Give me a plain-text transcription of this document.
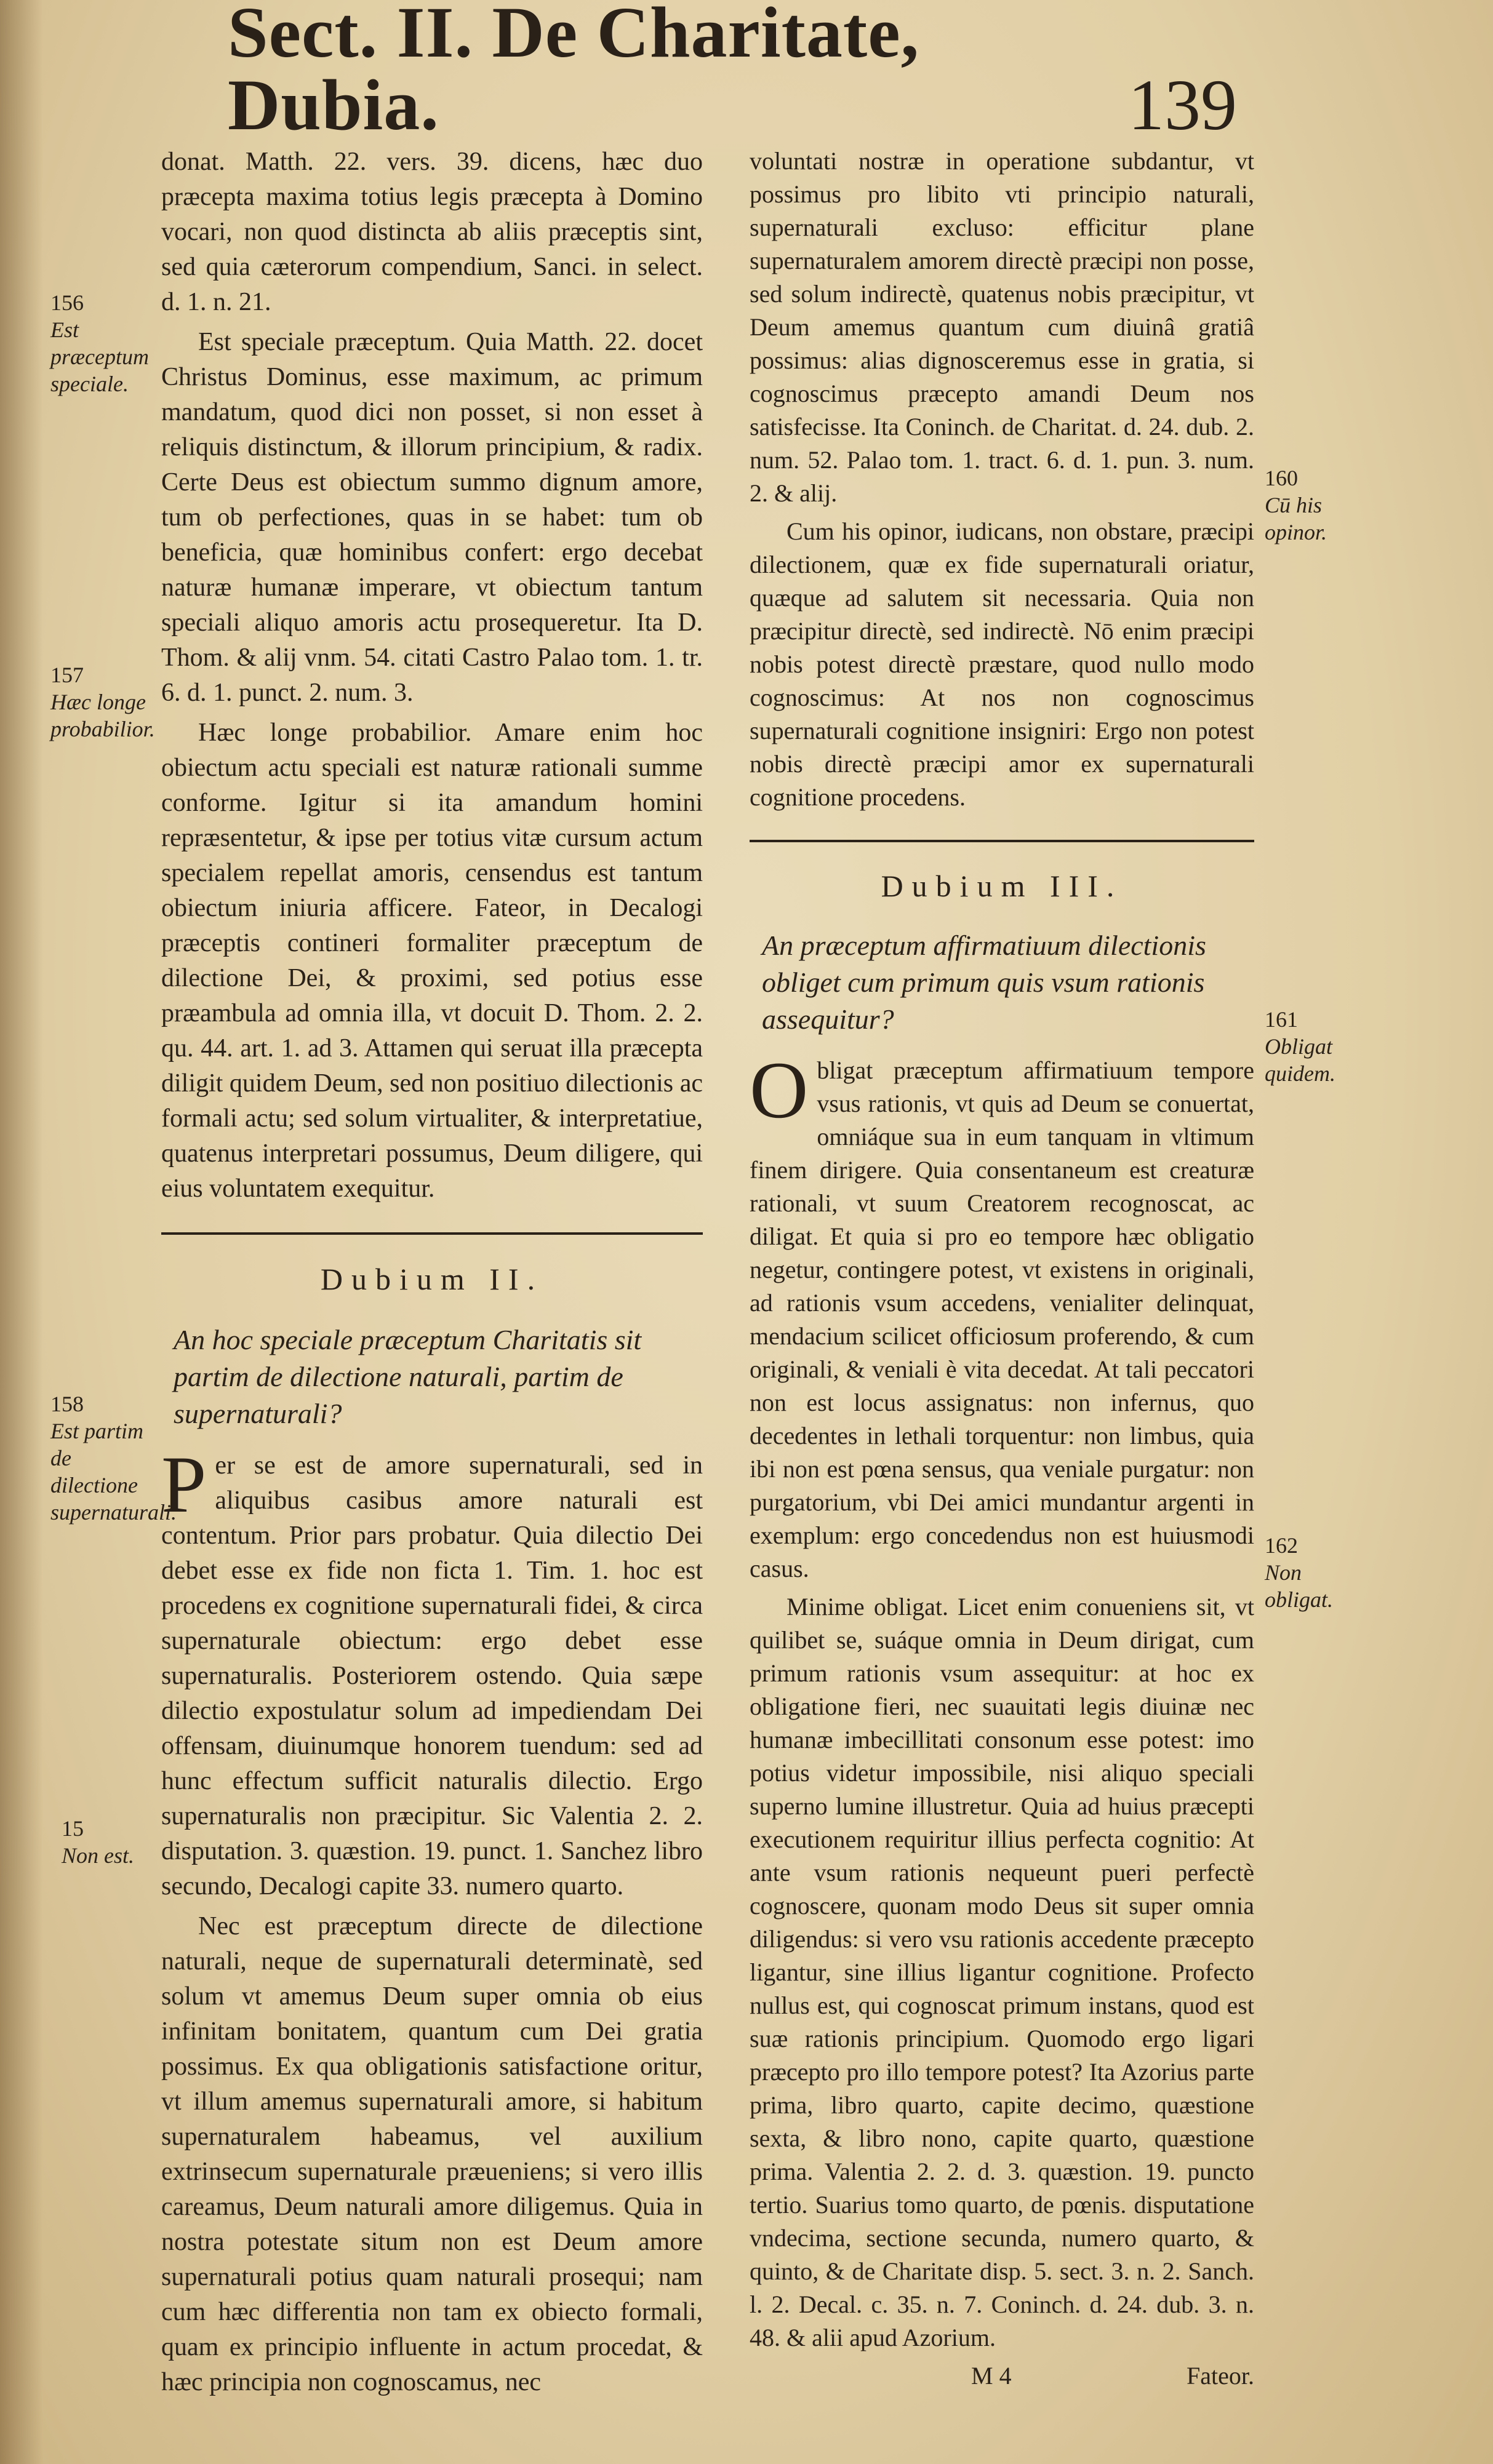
Sect. II. De Charitate, Dubia.	139

donat. Matth. 22. vers. 39. dicens, hæc duo præcepta maxima totius legis præcepta à Domino vocari, non quod distincta ab aliis præceptis sint, sed quia cæterorum compendium, Sanci. in select. d. 1. n. 21.

Est speciale præceptum. Quia Matth. 22. docet Christus Dominus, esse maximum, ac primum mandatum, quod dici non posset, si non esset à reliquis distinctum, & illorum principium, & radix. Certe Deus est obiectum summo dignum amore, tum ob perfectiones, quas in se habet: tum ob beneficia, quæ hominibus confert: ergo decebat naturæ humanæ imperare, vt obiectum tantum speciali aliquo amoris actu prosequeretur. Ita D. Thom. & alij vnm. 54. citati Castro Palao tom. 1. tr. 6. d. 1. punct. 2. num. 3.

Hæc longe probabilior. Amare enim hoc obiectum actu speciali est naturæ rationali summe conforme. Igitur si ita amandum homini repræsentetur, & ipse per totius vitæ cursum actum specialem repellat amoris, censendus est tantum obiectum iniuria afficere. Fateor, in Decalogi præceptis contineri formaliter præceptum de dilectione Dei, & proximi, sed potius esse præambula ad omnia illa, vt docuit D. Thom. 2. 2. qu. 44. art. 1. ad 3. Attamen qui seruat illa præcepta diligit quidem Deum, sed non positiuo dilectionis ac formali actu; sed solum virtualiter, & interpretatiue, quatenus interpretari possumus, Deum diligere, qui eius voluntatem exequitur.

Dubium II.
An hoc speciale præceptum Charitatis sit partim de dilectione naturali, partim de supernaturali?

Per se est de amore supernaturali, sed in aliquibus casibus amore naturali est contentum. Prior pars probatur. Quia dilectio Dei debet esse ex fide non ficta 1. Tim. 1. hoc est procedens ex cognitione supernaturali fidei, & circa supernaturale obiectum: ergo debet esse supernaturalis. Posteriorem ostendo. Quia sæpe dilectio expostulatur solum ad impediendam Dei offensam, diuinumque honorem tuendum: sed ad hunc effectum sufficit naturalis dilectio. Ergo supernaturalis non præcipitur. Sic Valentia 2. 2. disputation. 3. quæstion. 19. punct. 1. Sanchez libro secundo, Decalogi capite 33. numero quarto.

Nec est præceptum directe de dilectione naturali, neque de supernaturali determinatè, sed solum vt amemus Deum super omnia ob eius infinitam bonitatem, quantum cum Dei gratia possimus. Ex qua obligationis satisfactione oritur, vt illum amemus supernaturali amore, si habitum supernaturalem habeamus, vel auxilium extrinsecum supernaturale præueniens; si vero illis careamus, Deum naturali amore diligemus. Quia in nostra potestate situm non est Deum amore supernaturali potius quam naturali prosequi; nam cum hæc differentia non tam ex obiecto formali, quam ex principio influente in actum procedat, & hæc principia non cognoscamus, nec

voluntati nostræ in operatione subdantur, vt possimus pro libito vti principio naturali, supernaturali excluso: efficitur plane supernaturalem amorem directè præcipi non posse, sed solum indirectè, quatenus nobis præcipitur, vt Deum amemus quantum cum diuinâ gratiâ possimus: alias dignosceremus esse in gratia, si cognoscimus præcepto amandi Deum nos satisfecisse. Ita Coninch. de Charitat. d. 24. dub. 2. num. 52. Palao tom. 1. tract. 6. d. 1. pun. 3. num. 2. & alij.

Cum his opinor, iudicans, non obstare, præcipi dilectionem, quæ ex fide supernaturali oriatur, quæque ad salutem sit necessaria. Quia non præcipitur directè, sed indirectè. Nō enim præcipi nobis potest directè præstare, quod nullo modo cognoscimus: At nos non cognoscimus supernaturali cognitione insigniri: Ergo non potest nobis directè præcipi amor ex supernaturali cognitione procedens.

Dubium III.
An præceptum affirmatiuum dilectionis obliget cum primum quis vsum rationis assequitur?

Obligat præceptum affirmatiuum tempore vsus rationis, vt quis ad Deum se conuertat, omniáque sua in eum tanquam in vltimum finem dirigere. Quia consentaneum est creaturæ rationali, vt suum Creatorem recognoscat, ac diligat. Et quia si pro eo tempore hæc obligatio negetur, contingere potest, vt existens in originali, ad rationis vsum accedens, venialiter delinquat, mendacium scilicet officiosum proferendo, & cum originali, & veniali è vita decedat. At tali peccatori non est locus assignatus: non infernus, quo decedentes in lethali torquentur: non limbus, quia ibi non est pœna sensus, qua veniale purgatur: non purgatorium, vbi Dei amici mundantur argenti in exemplum: ergo concedendus non est huiusmodi casus.

Minime obligat. Licet enim conueniens sit, vt quilibet se, suáque omnia in Deum dirigat, cum primum rationis vsum assequitur: at hoc ex obligatione fieri, nec suauitati legis diuinæ nec humanæ imbecillitati consonum esse potest: imo potius videtur impossibile, nisi aliquo speciali superno lumine illustretur. Quia ad huius præcepti executionem requiritur illius perfecta cognitio: At ante vsum rationis nequeunt pueri perfectè cognoscere, quonam modo Deus sit super omnia diligendus: si vero vsu rationis accedente præcepto ligantur, sine illius ligantur cognitione. Profecto nullus est, qui cognoscat primum instans, quod est suæ rationis principium. Quomodo ergo ligari præcepto pro illo tempore potest? Ita Azorius parte prima, libro quarto, capite decimo, quæstione sexta, & libro nono, capite quarto, quæstione prima. Valentia 2. 2. d. 3. quæstion. 19. puncto tertio. Suarius tomo quarto, de pœnis. disputatione vndecima, sectione secunda, numero quarto, & quinto, & de Charitate disp. 5. sect. 3. n. 2. Sanch. l. 2. Decal. c. 35. n. 7. Coninch. d. 24. dub. 3. n. 48. & alii apud Azorium.

M 4	Fateor.
156
Est præceptum speciale.
157
Hæc longe probabilior.
158
Est partim de dilectione supernaturali.
15
Non est.
160
Cū his opinor.
161
Obligat quidem.
162
Non obligat.
